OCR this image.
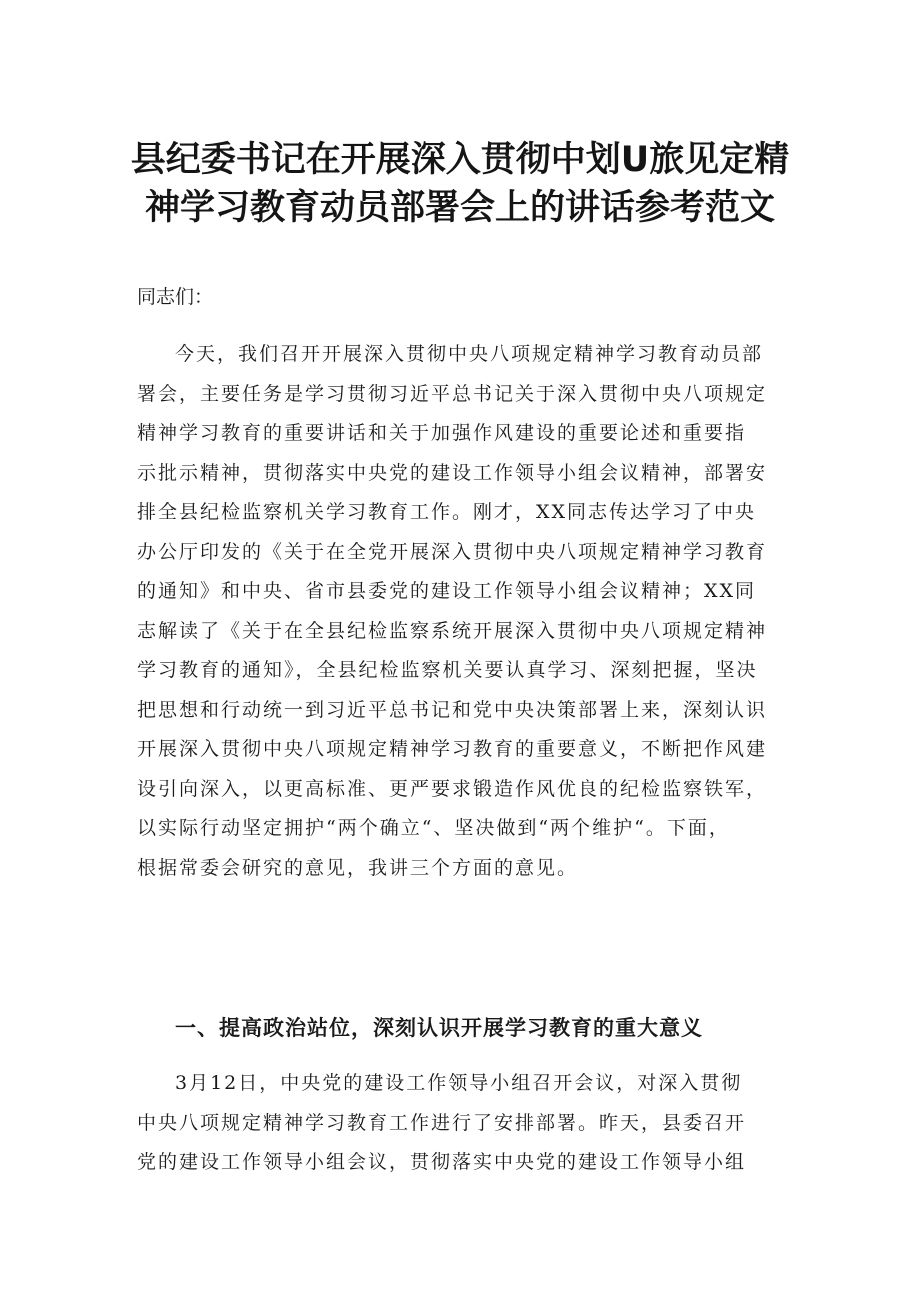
县纪委书记在开展深入贯彻中划U旅见定精
神学习教育动员部署会上的讲话参考范文

同志们：

今天，我们召开开展深入贯彻中央八项规定精神学习教育动员部
署会，主要任务是学习贯彻习近平总书记关于深入贯彻中央八项规定
精神学习教育的重要讲话和关于加强作风建设的重要论述和重要指
示批示精神，贯彻落实中央党的建设工作领导小组会议精神，部署安
排全县纪检监察机关学习教育工作。刚才，XX同志传达学习了中央
办公厅印发的《关于在全党开展深入贯彻中央八项规定精神学习教育
的通知》和中央、省市县委党的建设工作领导小组会议精神；XX同
志解读了《关于在全县纪检监察系统开展深入贯彻中央八项规定精神
学习教育的通知》，全县纪检监察机关要认真学习、深刻把握，坚决
把思想和行动统一到习近平总书记和党中央决策部署上来，深刻认识
开展深入贯彻中央八项规定精神学习教育的重要意义，不断把作风建
设引向深入，以更高标准、更严要求锻造作风优良的纪检监察铁军，
以实际行动坚定拥护“两个确立“、坚决做到“两个维护“。下面，
根据常委会研究的意见，我讲三个方面的意见。
一、提高政治站位，深刻认识开展学习教育的重大意义
3月12日，中央党的建设工作领导小组召开会议，对深入贯彻
中央八项规定精神学习教育工作进行了安排部署。昨天，县委召开
党的建设工作领导小组会议，贯彻落实中央党的建设工作领导小组
